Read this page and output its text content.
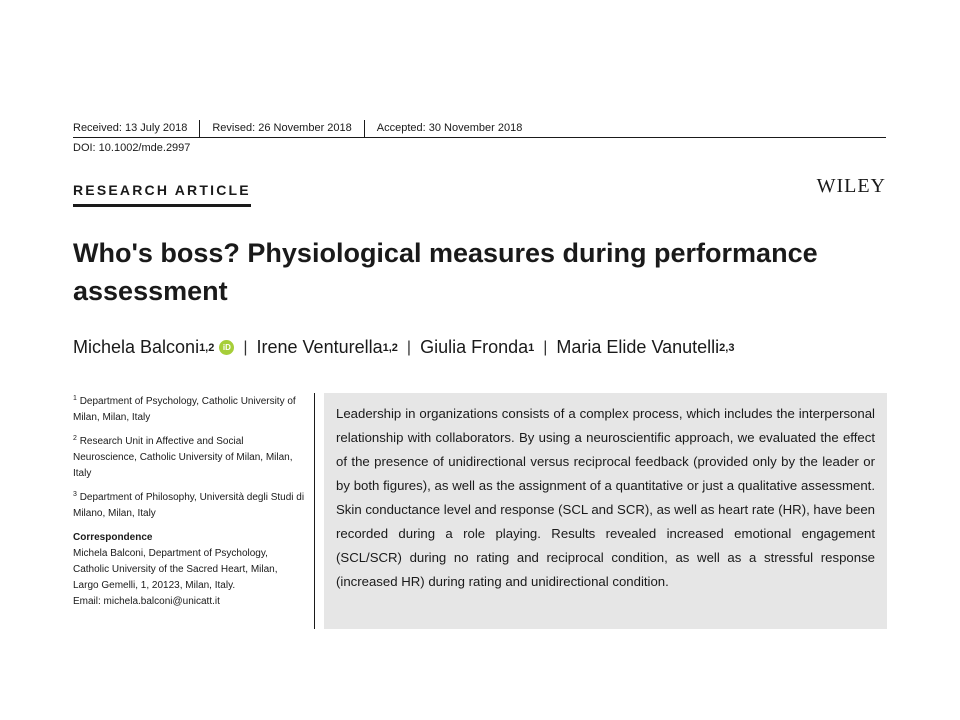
Received: 13 July 2018	Revised: 26 November 2018	Accepted: 30 November 2018
DOI: 10.1002/mde.2997
RESEARCH ARTICLE	WILEY
Who's boss? Physiological measures during performance assessment
Michela Balconi 1,2	iD | Irene Venturella 1,2 | Giulia Fronda 1 | Maria Elide Vanutelli 2,3

$^1$ Department of Psychology, Catholic University of Milan, Milan, Italy

$^2$ Research Unit in Affective and Social Neuroscience, Catholic University of Milan, Milan, Italy

$^3$ Department of Philosophy, Università degli Studi di Milano, Milan, Italy

Correspondence
Michela Balconi, Department of Psychology, Catholic University of the Sacred Heart, Milan, Largo Gemelli, 1, 20123, Milan, Italy.
Email: michela.balconi@unicatt.it
Leadership in organizations consists of a complex process, which includes the interpersonal relationship with collaborators. By using a neuroscientific approach, we evaluated the effect of the presence of unidirectional versus reciprocal feedback (provided only by the leader or by both figures), as well as the assignment of a quantitative or just a qualitative assessment. Skin conductance level and response (SCL and SCR), as well as heart rate (HR), have been recorded during a role playing. Results revealed increased emotional engagement (SCL/SCR) during no rating and reciprocal condition, as well as a stressful response (increased HR) during rating and unidirectional condition.
